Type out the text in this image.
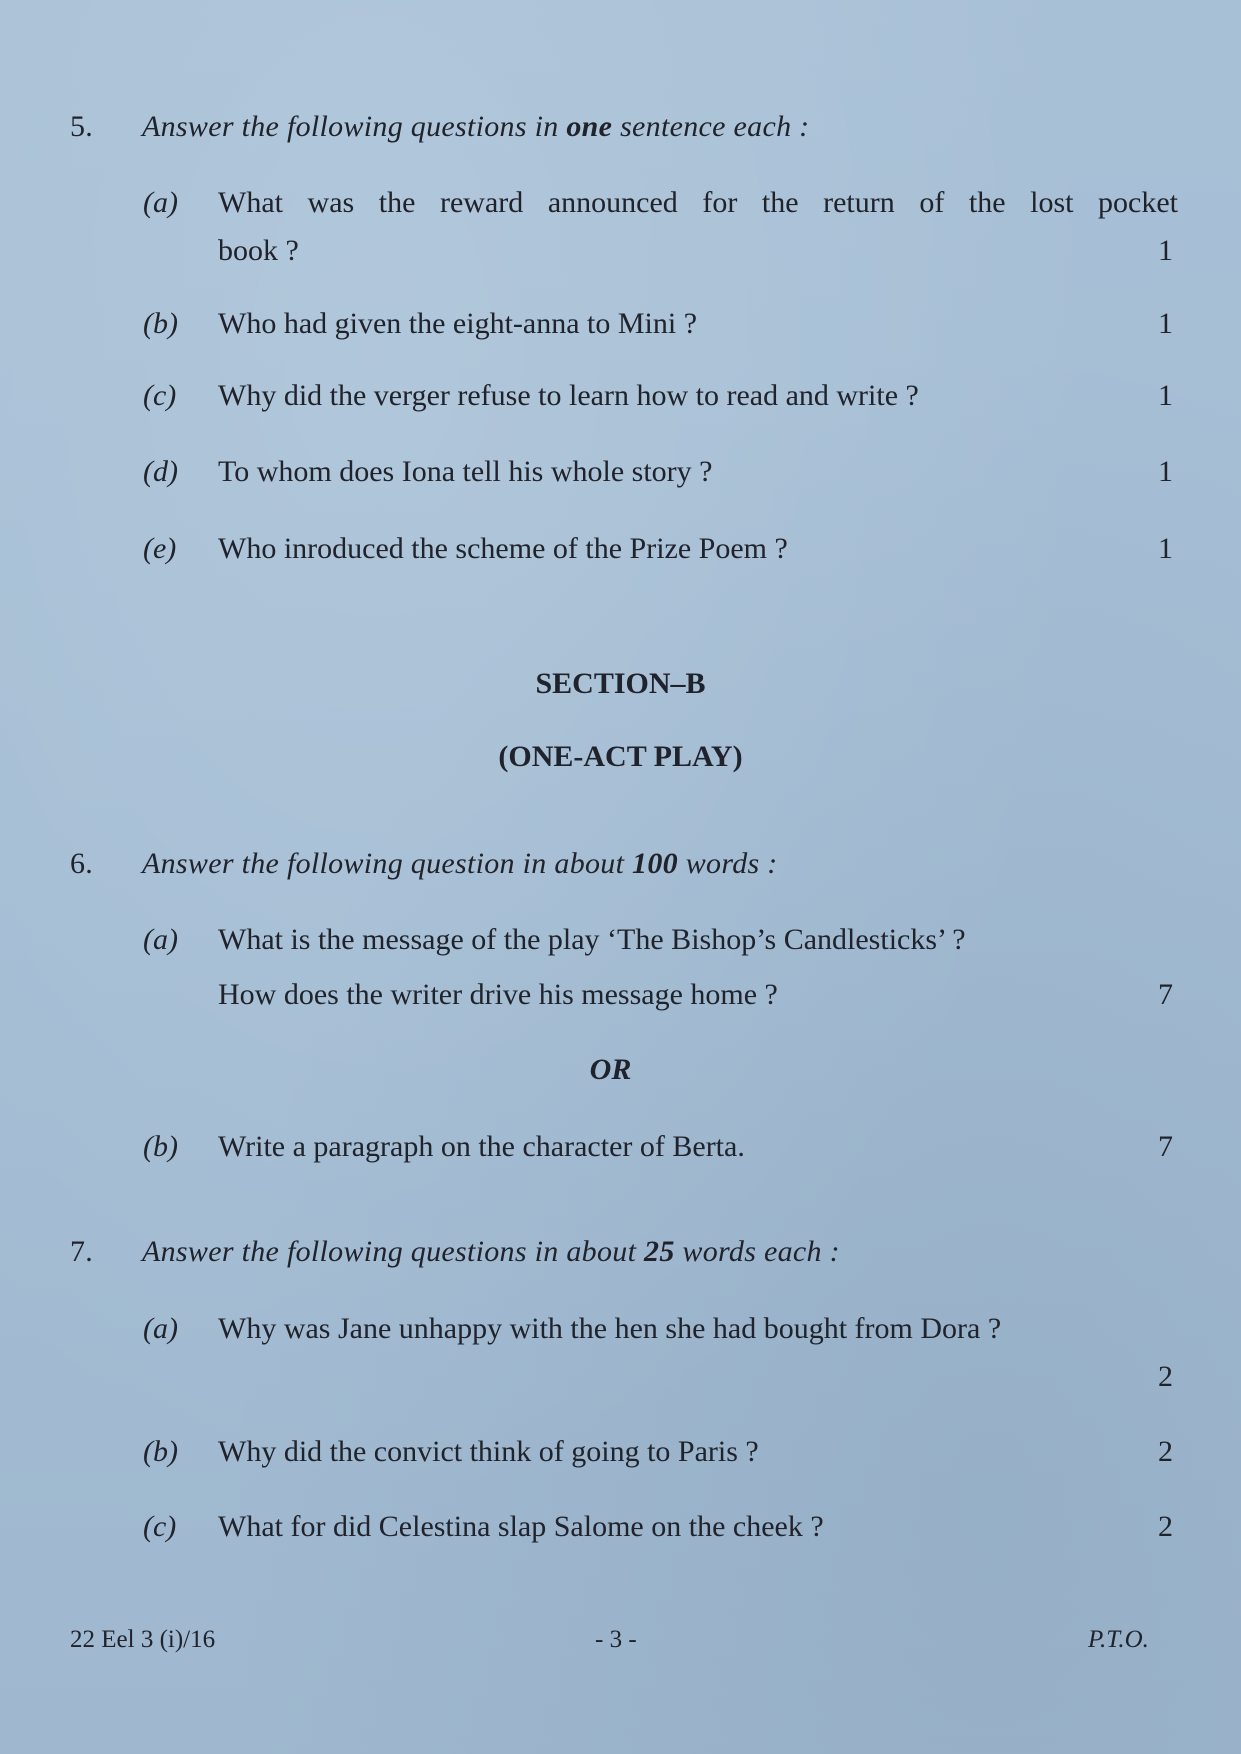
5. Answer the following questions in one sentence each :
(a) What was the reward announced for the return of the lost pocket
book ?	1
(b) Who had given the eight-anna to Mini ?	1
(c) Why did the verger refuse to learn how to read and write ?	1
(d) To whom does Iona tell his whole story ?	1
(e) Who inroduced the scheme of the Prize Poem ?	1
SECTION–B
(ONE-ACT PLAY)
6. Answer the following question in about 100 words :
(a) What is the message of the play ‘The Bishop’s Candlesticks’ ?
How does the writer drive his message home ?	7
OR
(b) Write a paragraph on the character of Berta.	7
7. Answer the following questions in about 25 words each :
(a) Why was Jane unhappy with the hen she had bought from Dora ?
2
(b) Why did the convict think of going to Paris ?	2
(c) What for did Celestina slap Salome on the cheek ?	2
22 Eel 3 (i)/16	- 3 -	P.T.O.
